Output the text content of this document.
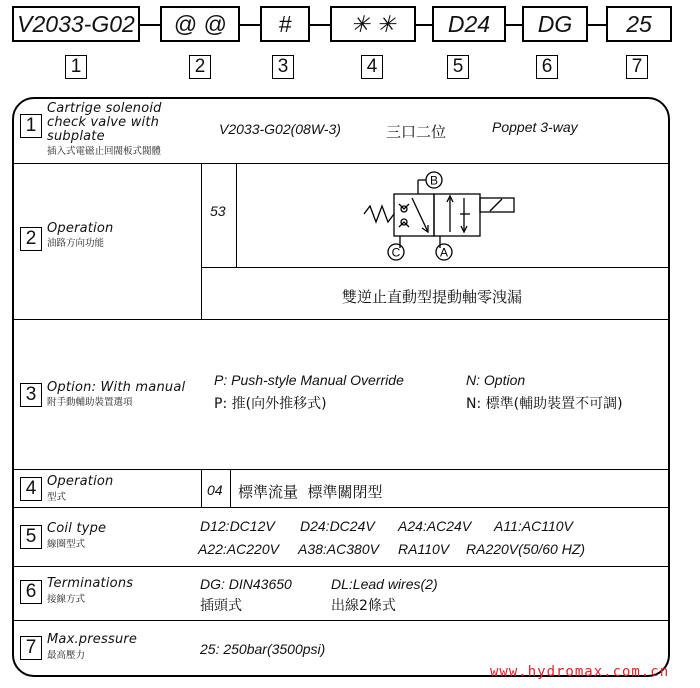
V2033-G02 @ @ #	✳ ✳ D24 DG 25
1	2	3	4	5	6	7
1
Cartrige solenoid
check valve with
subplate
插入式電磁止回閥板式閥體
V2033-G02(08W-3)	三口二位	Poppet 3-way
2 Operation
油路方向功能
53
雙逆止直動型提動軸零洩漏
B
C	A
3 Option: With manual
附手動輔助裝置選項
P: Push-style Manual Override
P: 推(向外推移式)
N: Option
N: 標準(輔助裝置不可調)
4 Operation
型式	04 標準流量  標準關閉型
5 Coil type
線圈型式
D12:DC12V D24:DC24V A24:AC24V A11:AC110V
A22:AC220V A38:AC380V RA110V RA220V(50/60 HZ)
6 Terminations
接線方式
DG: DIN43650
插頭式
DL:Lead wires(2)
出線2條式
7 Max.pressure
最高壓力	25: 250bar(3500psi)
www.hydromax.com.cn
